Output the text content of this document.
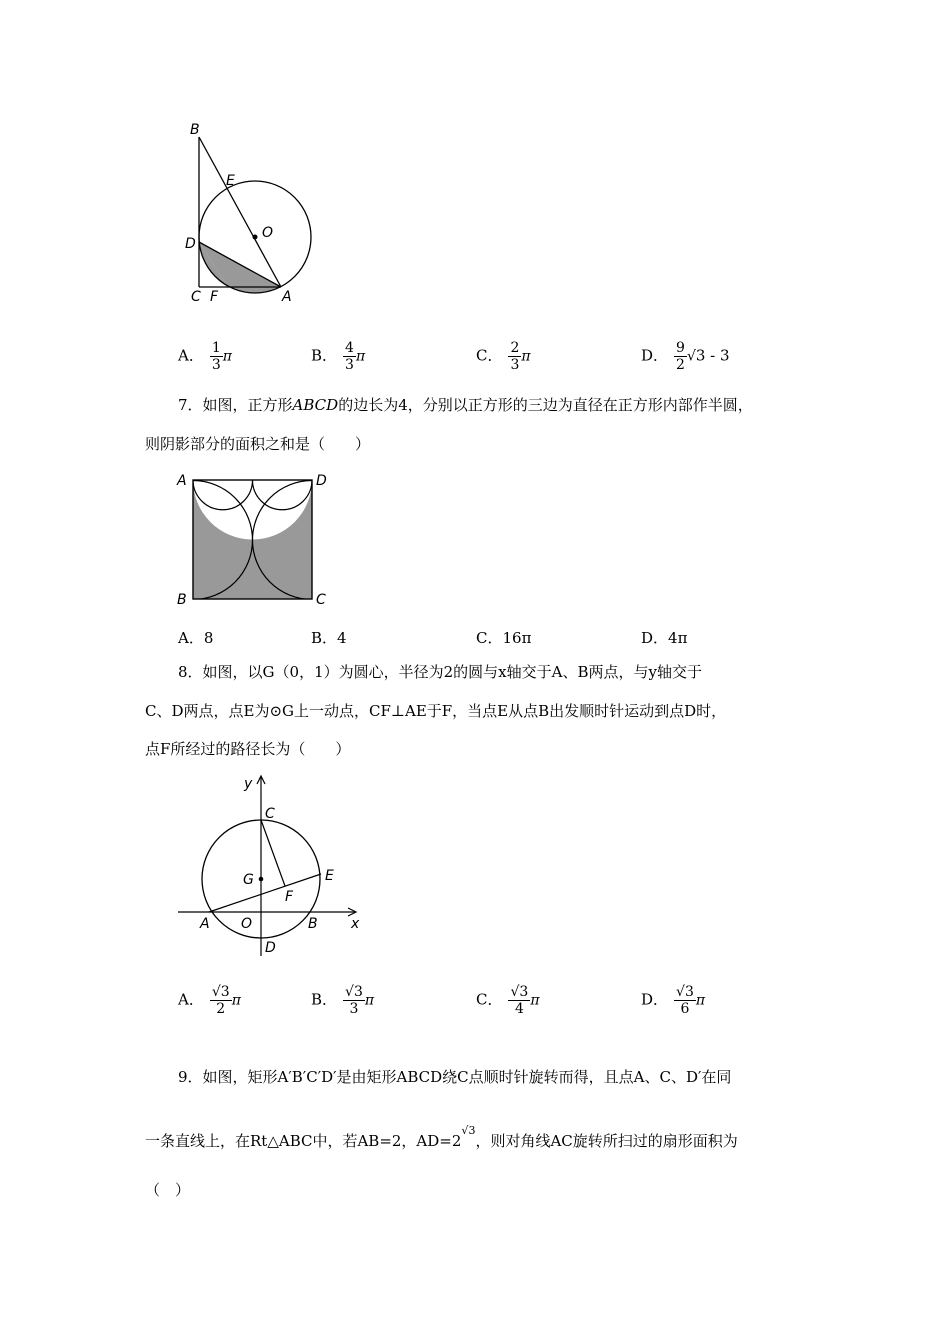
B
E
O
D
C F	A
A． $\frac{1}{3}$ π	B． $\frac{4}{3}$ π	C． $\frac{2}{3}$ π	D． $\frac{9}{2} √3 - 3$
7．如图，正方形ABCD的边长为4，分别以正方形的三边为直径在正方形内部作半圆，
则阴影部分的面积之和是（　　）
A	D
B	C
A．8	B．4	C．16π	D．4π
8．如图，以G（0，1）为圆心，半径为2的圆与x轴交于A、B两点，与y轴交于
C、D两点，点E为⊙G上一动点，CF⊥AE于F，当点E从点B出发顺时针运动到点D时，
点F所经过的路径长为（　　）
y
C
G	E
F
A O	B x
D
A． $\frac{√3}{2}$ π	B． $\frac{√3}{3}$ π	C． $\frac{√3}{4}$ π	D． $\frac{√3}{6}$ π
9．如图，矩形A′B′C′D′是由矩形ABCD绕C点顺时针旋转而得，且点A、C、D′在同
一条直线上，在Rt△ABC中，若AB=2，$AD=2^{√3}$，则对角线AC旋转所扫过的扇形面积为
（　）
